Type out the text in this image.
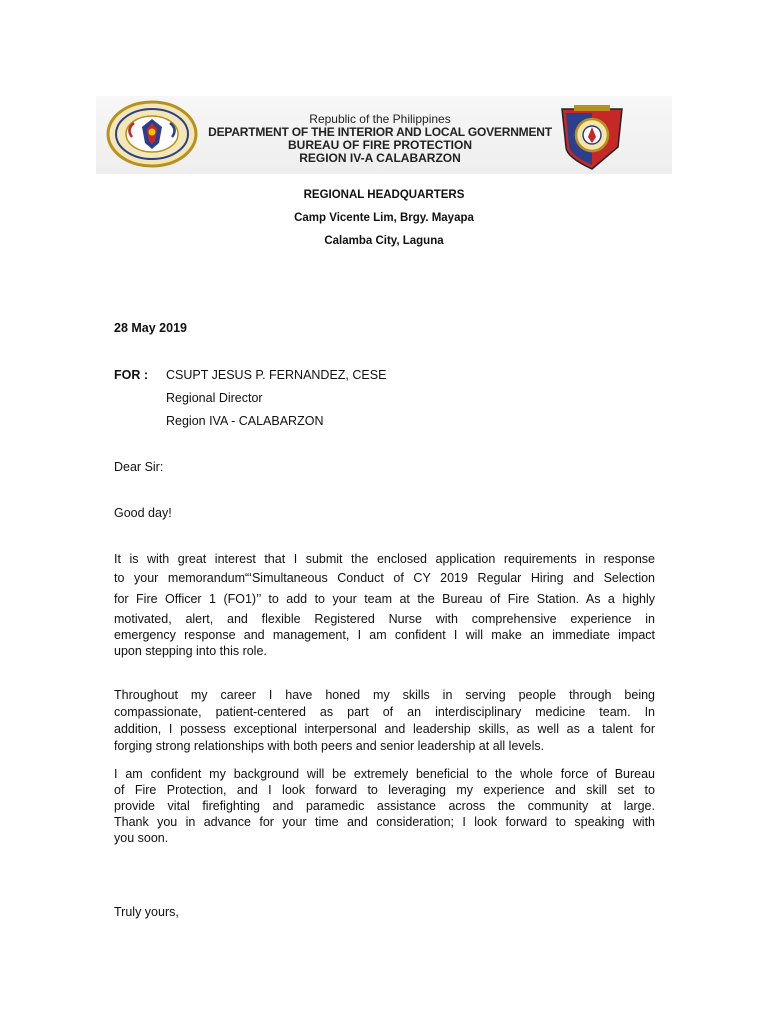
Republic of the Philippines
DEPARTMENT OF THE INTERIOR AND LOCAL GOVERNMENT
BUREAU OF FIRE PROTECTION
REGION IV-A CALABARZON
REGIONAL HEADQUARTERS
Camp Vicente Lim, Brgy. Mayapa
Calamba City, Laguna
28 May 2019
FOR : CSUPT JESUS P. FERNANDEZ, CESE
Regional Director
Region IVA - CALABARZON
Dear Sir:
Good day!
It is with great interest that I submit the enclosed application requirements in response
to your memorandum“‘Simultaneous Conduct of CY 2019 Regular Hiring and Selection
for Fire Officer 1 (FO1)’’ to add to your team at the Bureau of Fire Station. As a highly
motivated, alert, and flexible Registered Nurse with comprehensive experience in
emergency response and management, I am confident I will make an immediate impact
upon stepping into this role.
Throughout my career I have honed my skills in serving people through being
compassionate, patient-centered as part of an interdisciplinary medicine team. In
addition, I possess exceptional interpersonal and leadership skills, as well as a talent for
forging strong relationships with both peers and senior leadership at all levels.
I am confident my background will be extremely beneficial to the whole force of Bureau
of Fire Protection, and I look forward to leveraging my experience and skill set to
provide vital firefighting and paramedic assistance across the community at large.
Thank you in advance for your time and consideration; I look forward to speaking with
you soon.
Truly yours,
